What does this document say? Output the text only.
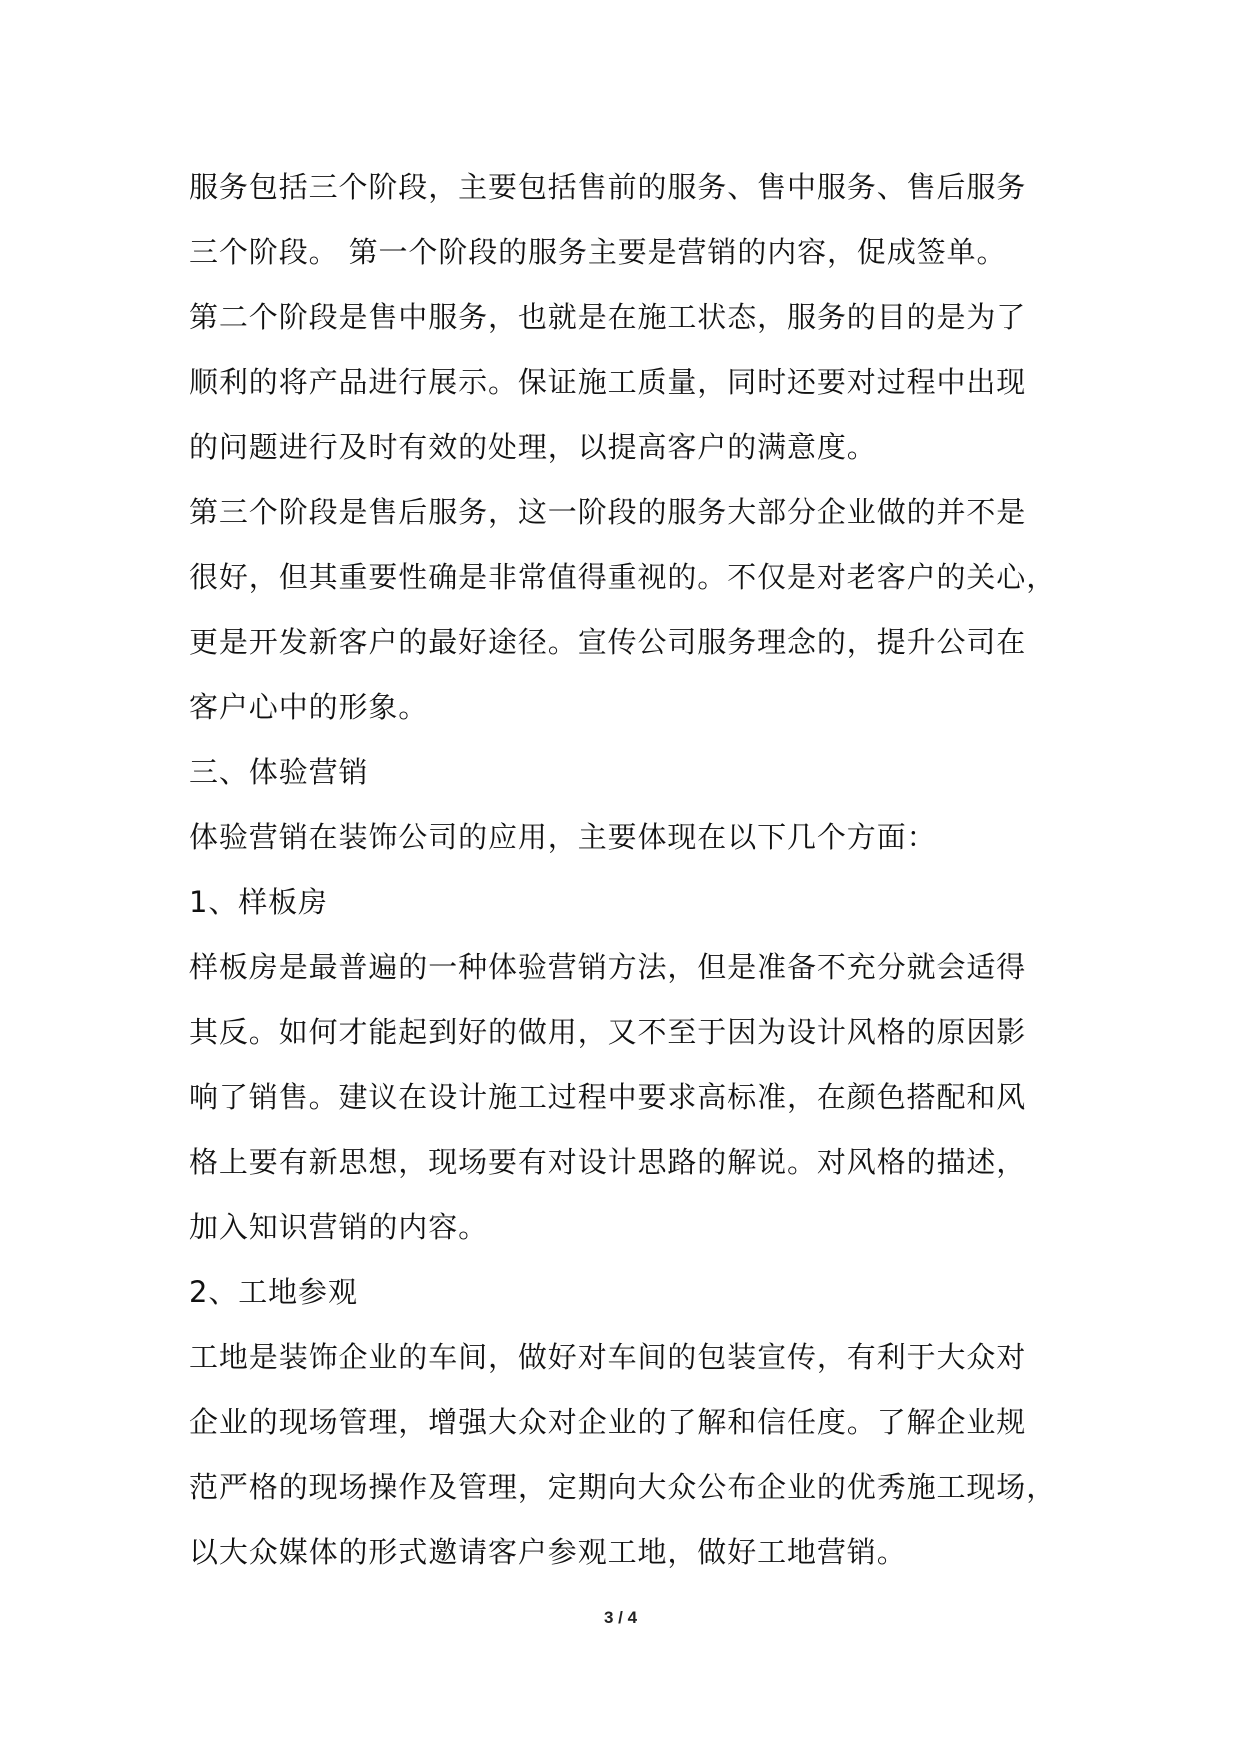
服务包括三个阶段，主要包括售前的服务、售中服务、售后服务
三个阶段。 第一个阶段的服务主要是营销的内容，促成签单。
第二个阶段是售中服务，也就是在施工状态，服务的目的是为了
顺利的将产品进行展示。保证施工质量，同时还要对过程中出现
的问题进行及时有效的处理，以提高客户的满意度。
第三个阶段是售后服务，这一阶段的服务大部分企业做的并不是
很好，但其重要性确是非常值得重视的。不仅是对老客户的关心，
更是开发新客户的最好途径。宣传公司服务理念的，提升公司在
客户心中的形象。
三、体验营销
体验营销在装饰公司的应用，主要体现在以下几个方面：
1、样板房
样板房是最普遍的一种体验营销方法，但是准备不充分就会适得
其反。如何才能起到好的做用，又不至于因为设计风格的原因影
响了销售。建议在设计施工过程中要求高标准，在颜色搭配和风
格上要有新思想，现场要有对设计思路的解说。对风格的描述，
加入知识营销的内容。
2、工地参观
工地是装饰企业的车间，做好对车间的包装宣传，有利于大众对
企业的现场管理，增强大众对企业的了解和信任度。了解企业规
范严格的现场操作及管理，定期向大众公布企业的优秀施工现场，
以大众媒体的形式邀请客户参观工地，做好工地营销。
3 / 4
